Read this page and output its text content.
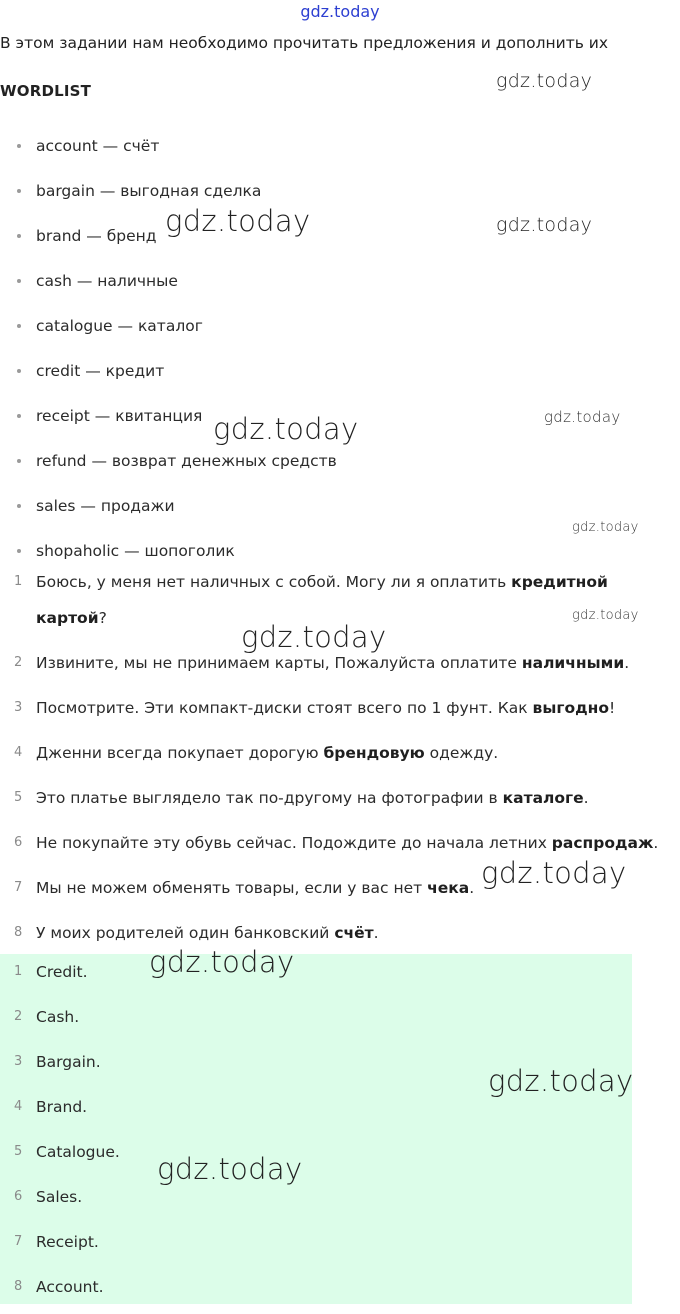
gdz.today
В этом задании нам необходимо прочитать предложения и дополнить их
WORDLIST
account — счёт
bargain — выгодная сделка
brand — бренд
cash — наличные
catalogue — каталог
credit — кредит
receipt — квитанция
refund — возврат денежных средств
sales — продажи
shopaholic — шопоголик
1 Боюсь, у меня нет наличных с собой. Могу ли я оплатить кредитной картой?
2 Извините, мы не принимаем карты, Пожалуйста оплатите наличными.
3 Посмотрите. Эти компакт-диски стоят всего по 1 фунт. Как выгодно!
4 Дженни всегда покупает дорогую брендовую одежду.
5 Это платье выглядело так по-другому на фотографии в каталоге.
6 Не покупайте эту обувь сейчас. Подождите до начала летних распродаж.
7 Мы не можем обменять товары, если у вас нет чека.
8 У моих родителей один банковский счёт.
1 Credit.
2 Cash.
3 Bargain.
4 Brand.
5 Catalogue.
6 Sales.
7 Receipt.
8 Account.
gdz.today
gdz.today	gdz.today
gdz.today	gdz.today
gdz.today
gdz.today
gdz.today
gdz.today
gdz.today
gdz.today
gdz.today
